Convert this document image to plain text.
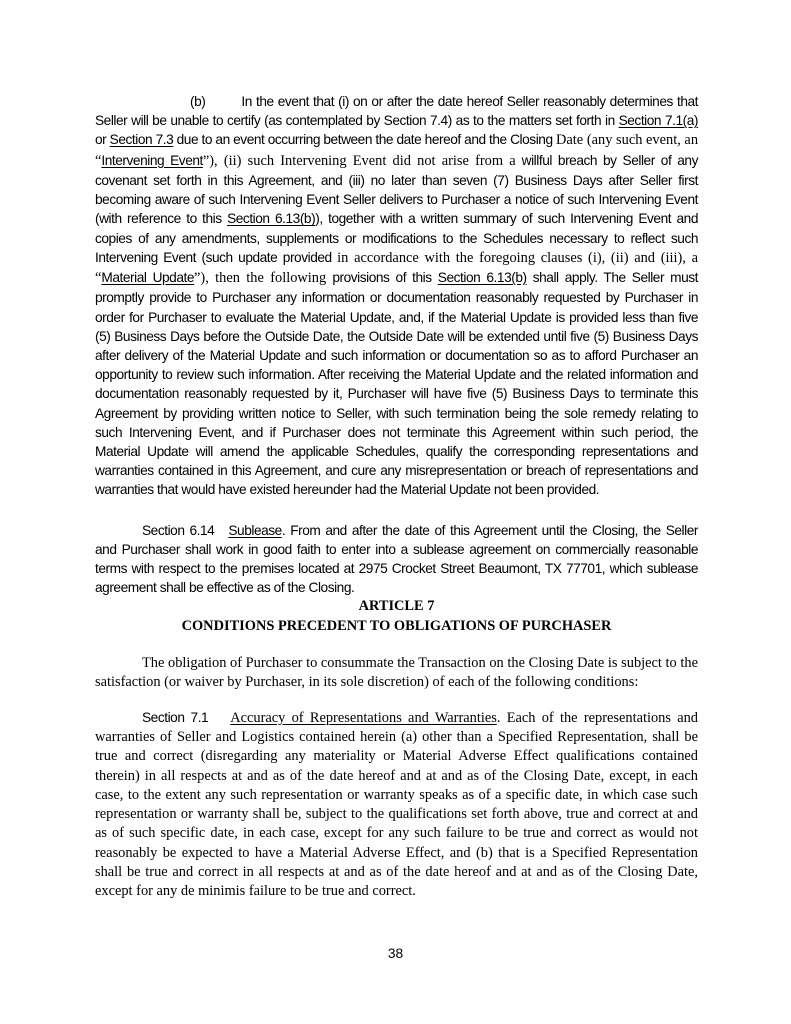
(b)	In the event that (i) on or after the date hereof Seller reasonably determines that Seller will be unable to certify (as contemplated by Section 7.4) as to the matters set forth in Section 7.1(a) or Section 7.3 due to an event occurring between the date hereof and the Closing Date (any such event, an “Intervening Event”), (ii) such Intervening Event did not arise from a willful breach by Seller of any covenant set forth in this Agreement, and (iii) no later than seven (7) Business Days after Seller first becoming aware of such Intervening Event Seller delivers to Purchaser a notice of such Intervening Event (with reference to this Section 6.13(b)), together with a written summary of such Intervening Event and copies of any amendments, supplements or modifications to the Schedules necessary to reflect such Intervening Event (such update provided in accordance with the foregoing clauses (i), (ii) and (iii), a “Material Update”), then the following provisions of this Section 6.13(b) shall apply. The Seller must promptly provide to Purchaser any information or documentation reasonably requested by Purchaser in order for Purchaser to evaluate the Material Update, and, if the Material Update is provided less than five (5) Business Days before the Outside Date, the Outside Date will be extended until five (5) Business Days after delivery of the Material Update and such information or documentation so as to afford Purchaser an opportunity to review such information. After receiving the Material Update and the related information and documentation reasonably requested by it, Purchaser will have five (5) Business Days to terminate this Agreement by providing written notice to Seller, with such termination being the sole remedy relating to such Intervening Event, and if Purchaser does not terminate this Agreement within such period, the Material Update will amend the applicable Schedules, qualify the corresponding representations and warranties contained in this Agreement, and cure any misrepresentation or breach of representations and warranties that would have existed hereunder had the Material Update not been provided.

Section 6.14 Sublease. From and after the date of this Agreement until the Closing, the Seller and Purchaser shall work in good faith to enter into a sublease agreement on commercially reasonable terms with respect to the premises located at 2975 Crocket Street Beaumont, TX 77701, which sublease agreement shall be effective as of the Closing.

ARTICLE 7

CONDITIONS PRECEDENT TO OBLIGATIONS OF PURCHASER

The obligation of Purchaser to consummate the Transaction on the Closing Date is subject to the satisfaction (or waiver by Purchaser, in its sole discretion) of each of the following conditions:

Section 7.1 Accuracy of Representations and Warranties. Each of the representations and warranties of Seller and Logistics contained herein (a) other than a Specified Representation, shall be true and correct (disregarding any materiality or Material Adverse Effect qualifications contained therein) in all respects at and as of the date hereof and at and as of the Closing Date, except, in each case, to the extent any such representation or warranty speaks as of a specific date, in which case such representation or warranty shall be, subject to the qualifications set forth above, true and correct at and as of such specific date, in each case, except for any such failure to be true and correct as would not reasonably be expected to have a Material Adverse Effect, and (b) that is a Specified Representation shall be true and correct in all respects at and as of the date hereof and at and as of the Closing Date, except for any de minimis failure to be true and correct.

38
